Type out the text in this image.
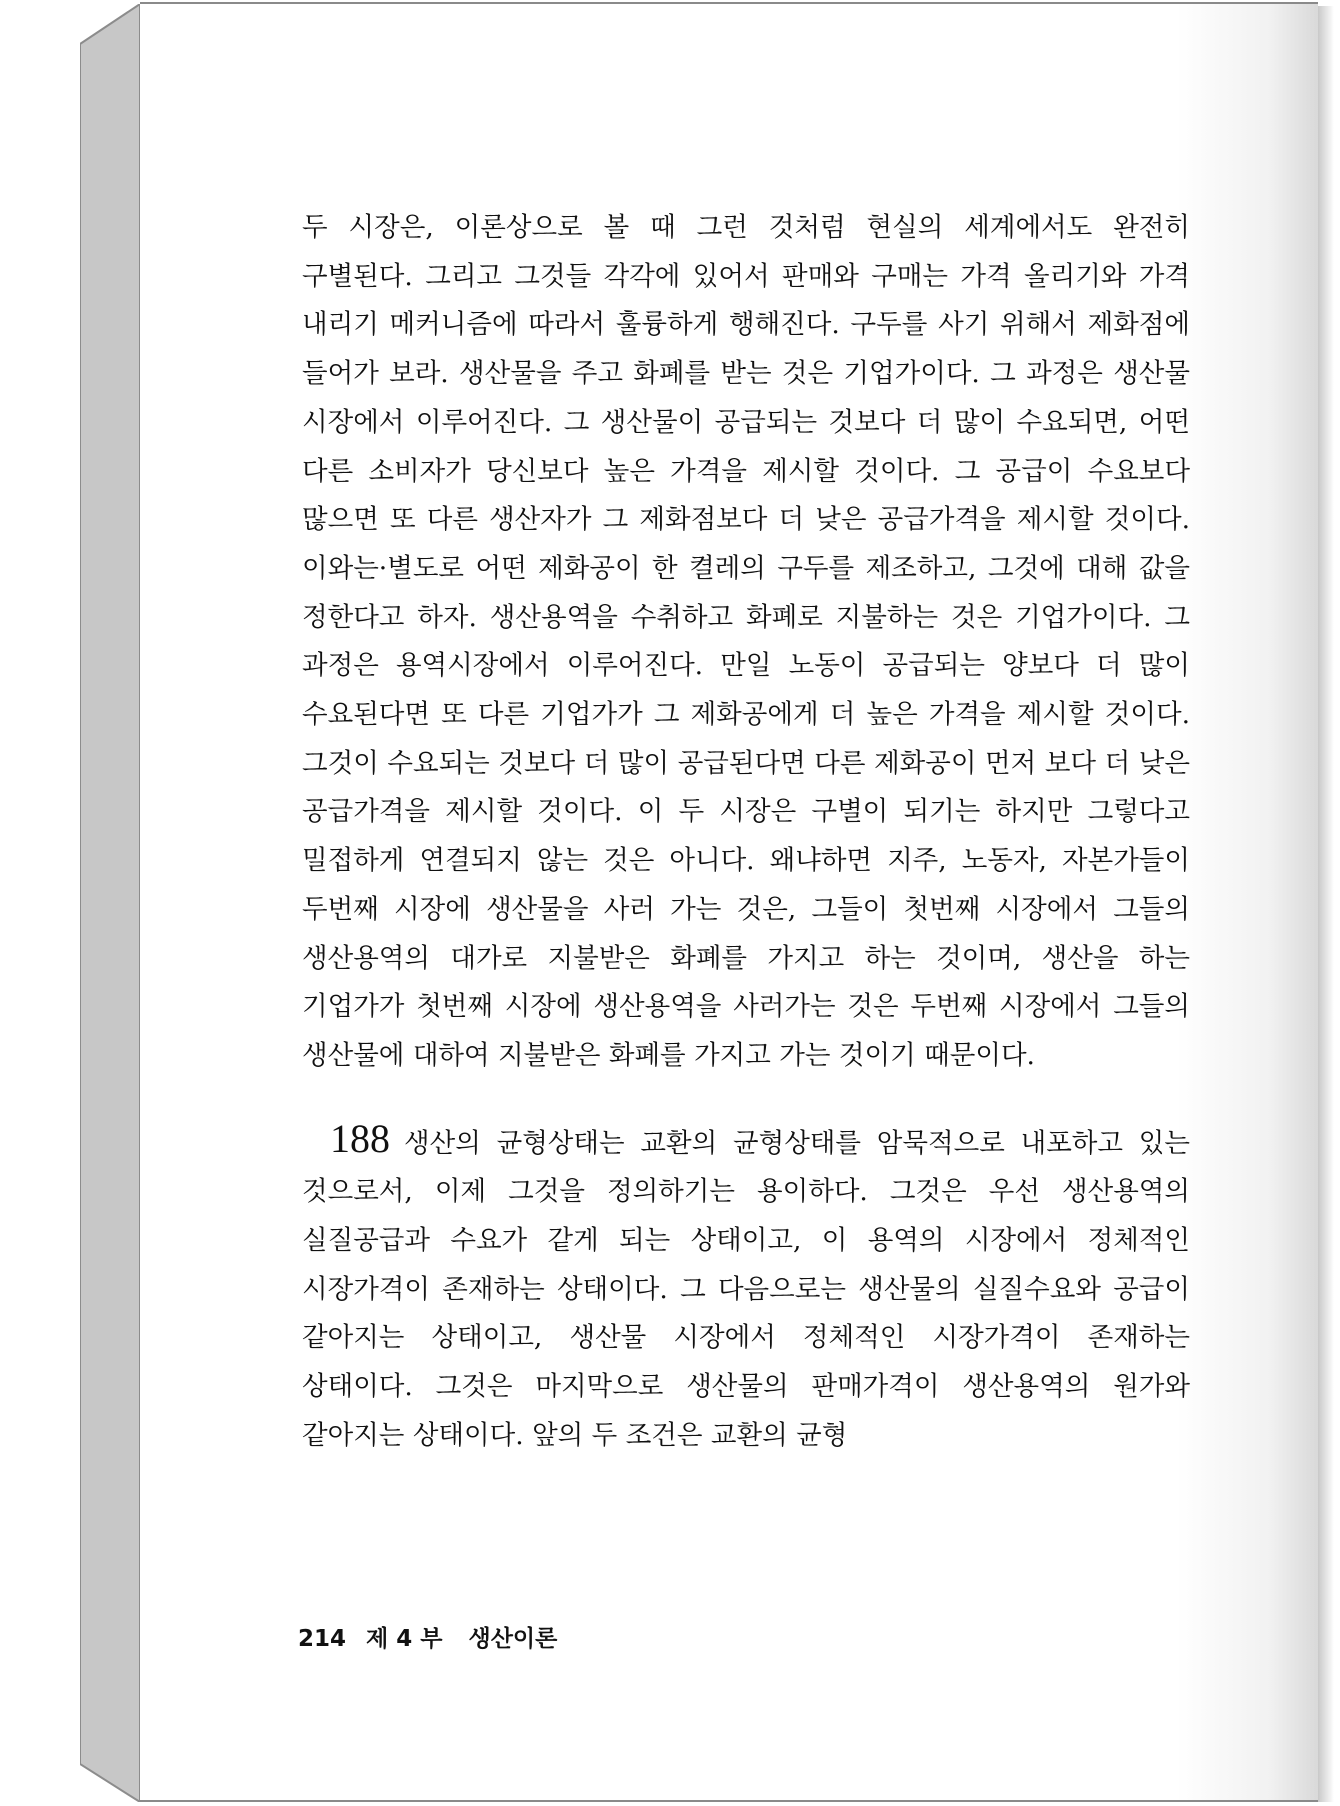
두 시장은, 이론상으로 볼 때 그런 것처럼 현실의 세계에서도 완전히 구별된다. 그리고 그것들 각각에 있어서 판매와 구매는 가격 올리기와 가격 내리기 메커니즘에 따라서 훌륭하게 행해진다. 구두를 사기 위해서 제화점에 들어가 보라. 생산물을 주고 화폐를 받는 것은 기업가이다. 그 과정은 생산물 시장에서 이루어진다. 그 생산물이 공급되는 것보다 더 많이 수요되면, 어떤 다른 소비자가 당신보다 높은 가격을 제시할 것이다. 그 공급이 수요보다 많으면 또 다른 생산자가 그 제화점보다 더 낮은 공급가격을 제시할 것이다. 이와는·별도로 어떤 제화공이 한 켤레의 구두를 제조하고, 그것에 대해 값을 정한다고 하자. 생산용역을 수취하고 화폐로 지불하는 것은 기업가이다. 그 과정은 용역시장에서 이루어진다. 만일 노동이 공급되는 양보다 더 많이 수요된다면 또 다른 기업가가 그 제화공에게 더 높은 가격을 제시할 것이다. 그것이 수요되는 것보다 더 많이 공급된다면 다른 제화공이 먼저 보다 더 낮은 공급가격을 제시할 것이다. 이 두 시장은 구별이 되기는 하지만 그렇다고 밀접하게 연결되지 않는 것은 아니다. 왜냐하면 지주, 노동자, 자본가들이 두번째 시장에 생산물을 사러 가는 것은, 그들이 첫번째 시장에서 그들의 생산용역의 대가로 지불받은 화폐를 가지고 하는 것이며, 생산을 하는 기업가가 첫번째 시장에 생산용역을 사러가는 것은 두번째 시장에서 그들의 생산물에 대하여 지불받은 화폐를 가지고 가는 것이기 때문이다.

188 생산의 균형상태는 교환의 균형상태를 암묵적으로 내포하고 있는 것으로서, 이제 그것을 정의하기는 용이하다. 그것은 우선 생산용역의 실질공급과 수요가 같게 되는 상태이고, 이 용역의 시장에서 정체적인 시장가격이 존재하는 상태이다. 그 다음으로는 생산물의 실질수요와 공급이 같아지는 상태이고, 생산물 시장에서 정체적인 시장가격이 존재하는 상태이다. 그것은 마지막으로 생산물의 판매가격이 생산용역의 원가와 같아지는 상태이다. 앞의 두 조건은 교환의 균형

214 제 4 부 생산이론
